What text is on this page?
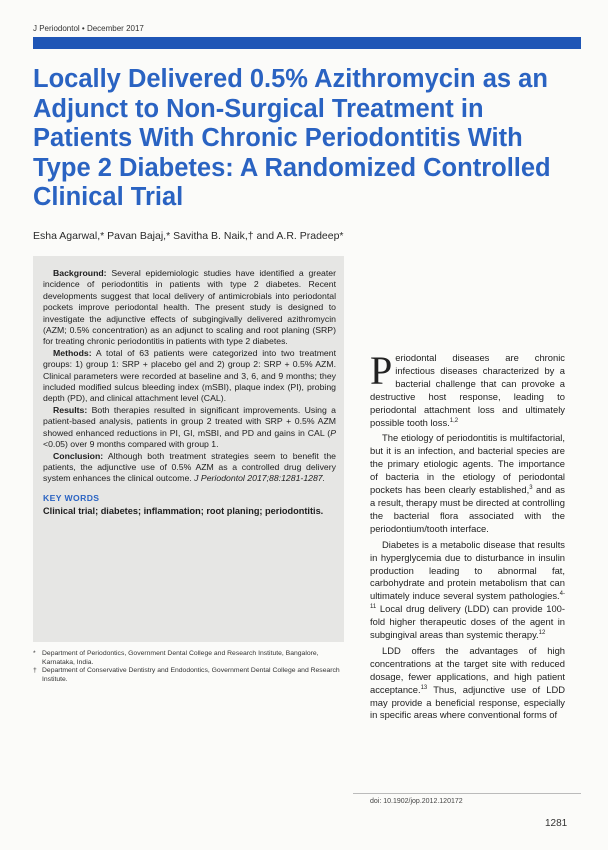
J Periodontol • December 2017
Locally Delivered 0.5% Azithromycin as an Adjunct to Non-Surgical Treatment in Patients With Chronic Periodontitis With Type 2 Diabetes: A Randomized Controlled Clinical Trial
Esha Agarwal,* Pavan Bajaj,* Savitha B. Naik,† and A.R. Pradeep*

Background: Several epidemiologic studies have identified a greater incidence of periodontitis in patients with type 2 diabetes. Recent developments suggest that local delivery of antimicrobials into periodontal pockets improve periodontal health. The present study is designed to investigate the adjunctive effects of subgingivally delivered azithromycin (AZM; 0.5% concentration) as an adjunct to scaling and root planing (SRP) for treating chronic periodontitis in patients with type 2 diabetes.

Methods: A total of 63 patients were categorized into two treatment groups: 1) group 1: SRP + placebo gel and 2) group 2: SRP + 0.5% AZM. Clinical parameters were recorded at baseline and 3, 6, and 9 months; they included modified sulcus bleeding index (mSBI), plaque index (PI), probing depth (PD), and clinical attachment level (CAL).

Results: Both therapies resulted in significant improvements. Using a patient-based analysis, patients in group 2 treated with SRP + 0.5% AZM showed enhanced reductions in PI, GI, mSBI, and PD and gains in CAL (P <0.05) over 9 months compared with group 1.

Conclusion: Although both treatment strategies seem to benefit the patients, the adjunctive use of 0.5% AZM as a controlled drug delivery system enhances the clinical outcome. J Periodontol 2017;88:1281-1287.

KEY WORDS
Clinical trial; diabetes; inflammation; root planing; periodontitis.
* Department of Periodontics, Government Dental College and Research Institute, Bangalore, Karnataka, India.
† Department of Conservative Dentistry and Endodontics, Government Dental College and Research Institute.

Periodontal diseases are chronic infectious diseases characterized by a bacterial challenge that can provoke a destructive host response, leading to periodontal attachment loss and ultimately possible tooth loss.$^{1,2}$

The etiology of periodontitis is multifactorial, but it is an infection, and bacterial species are the primary etiologic agents. The importance of bacteria in the etiology of periodontal pockets has been clearly established,$^3$ and as a result, therapy must be directed at controlling the bacterial flora associated with the periodontium/tooth interface.

Diabetes is a metabolic disease that results in hyperglycemia due to disturbance in insulin production leading to abnormal fat, carbohydrate and protein metabolism that can ultimately induce several system pathologies.$^{4-11}$ Local drug delivery (LDD) can provide 100-fold higher therapeutic doses of the agent in subgingival areas than systemic therapy.$^{12}$

LDD offers the advantages of high concentrations at the target site with reduced dosage, fewer applications, and high patient acceptance.$^{13}$ Thus, adjunctive use of LDD may provide a beneficial response, especially in specific areas where conventional forms of

doi: 10.1902/jop.2012.120172
1281
